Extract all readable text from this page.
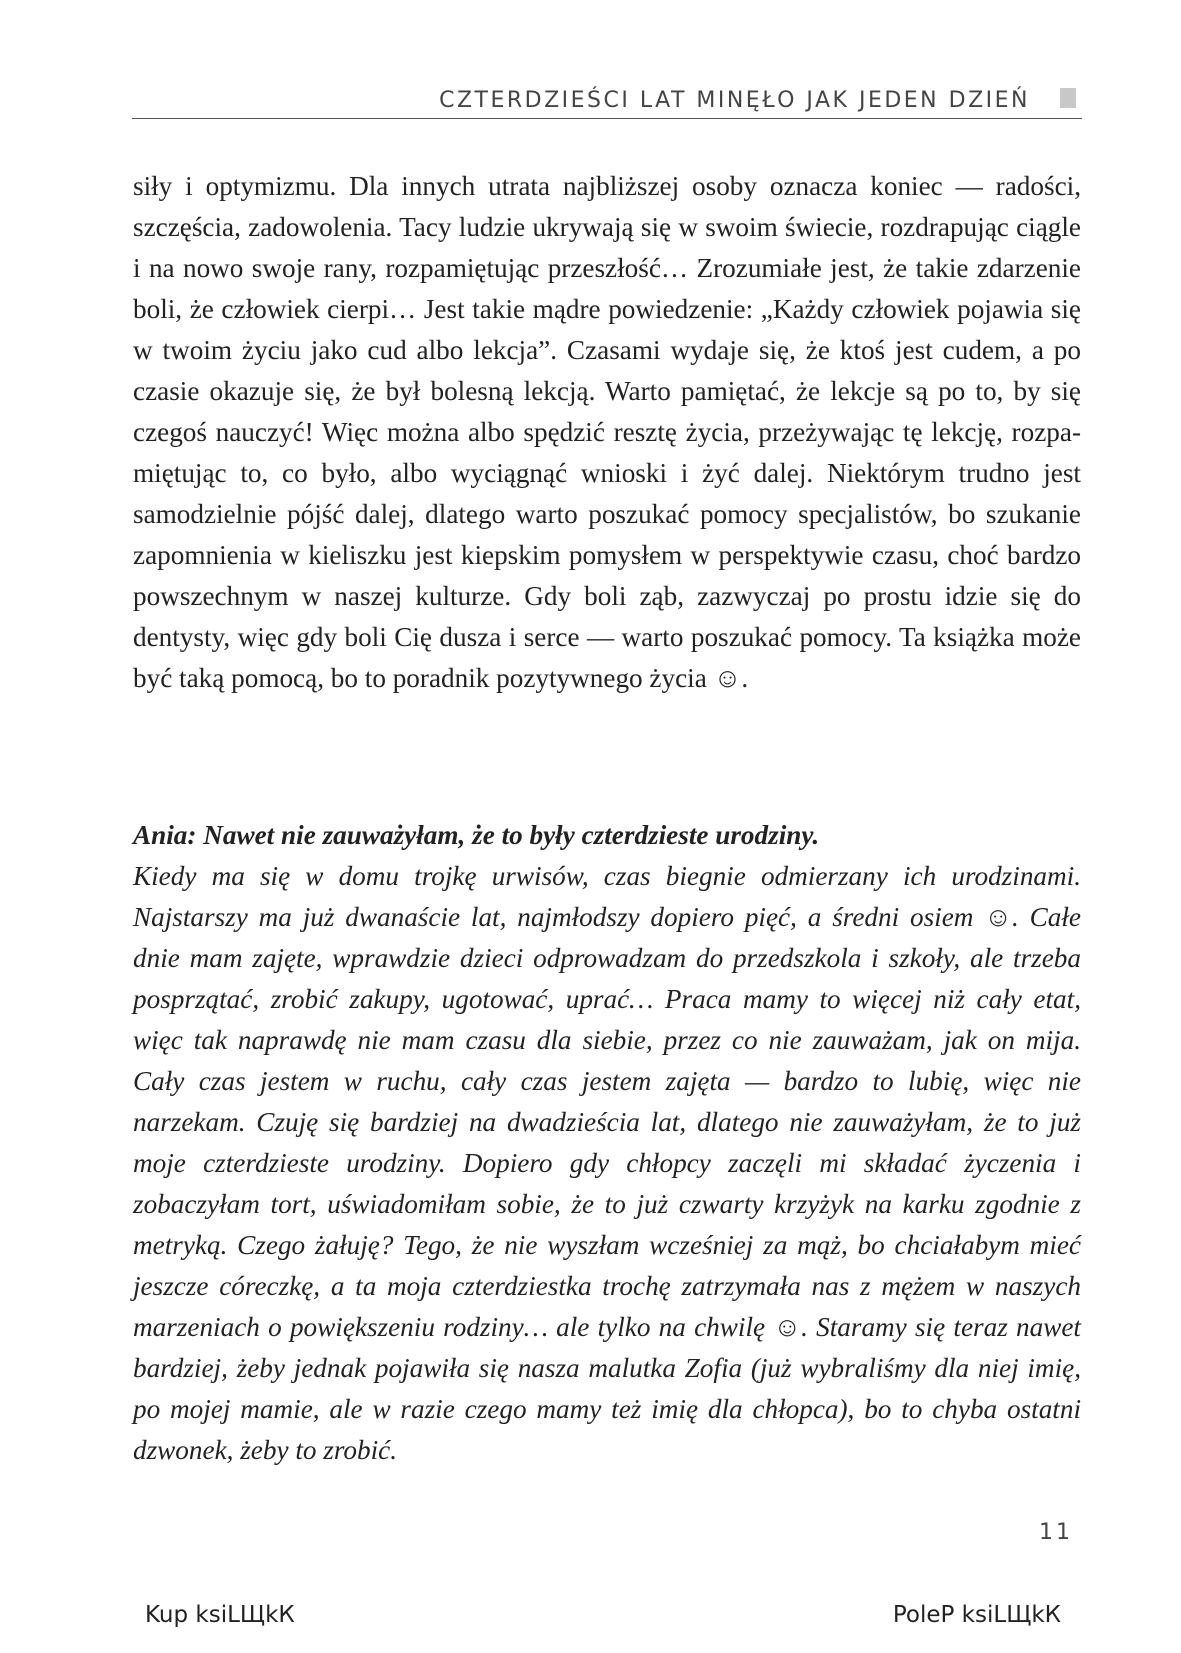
CZTERDZIEŚCI LAT MINĘŁO JAK JEDEN DZIEŃ

siły i optymizmu. Dla innych utrata najbliższej osoby oznacza koniec — radości, szczęścia, zadowolenia. Tacy ludzie ukrywają się w swoim świecie, rozdrapując ciągle i na nowo swoje rany, rozpamiętując przeszłość… Zrozumiałe jest, że takie zdarzenie boli, że człowiek cierpi… Jest takie mądre powiedzenie: „Każdy człowiek pojawia się w twoim życiu jako cud albo lekcja”. Czasami wydaje się, że ktoś jest cudem, a po czasie okazuje się, że był bolesną lekcją. Warto pamiętać, że lekcje są po to, by się czegoś nauczyć! Więc można albo spędzić resztę życia, przeżywając tę lekcję, rozpamiętując to, co było, albo wyciągnąć wnioski i żyć dalej. Niektórym trudno jest samodzielnie pójść dalej, dlatego warto poszukać pomocy specjalistów, bo szukanie zapomnienia w kieliszku jest kiepskim pomysłem w perspektywie czasu, choć bardzo powszechnym w naszej kulturze. Gdy boli ząb, zazwyczaj po prostu idzie się do dentysty, więc gdy boli Cię dusza i serce — warto poszukać pomocy. Ta książka może być taką pomocą, bo to poradnik pozytywnego życia ☺.

Ania: Nawet nie zauważyłam, że to były czterdzieste urodziny.
Kiedy ma się w domu trojkę urwisów, czas biegnie odmierzany ich urodzinami. Najstarszy ma już dwanaście lat, najmłodszy dopiero pięć, a średni osiem ☺. Całe dnie mam zajęte, wprawdzie dzieci odprowadzam do przedszkola i szkoły, ale trzeba posprzątać, zrobić zakupy, ugotować, uprać… Praca mamy to więcej niż cały etat, więc tak naprawdę nie mam czasu dla siebie, przez co nie zauważam, jak on mija. Cały czas jestem w ruchu, cały czas jestem zajęta — bardzo to lubię, więc nie narzekam. Czuję się bardziej na dwadzieścia lat, dlatego nie zauważyłam, że to już moje czterdzieste urodziny. Dopiero gdy chłopcy zaczęli mi składać życzenia i zobaczyłam tort, uświadomiłam sobie, że to już czwarty krzyżyk na karku zgodnie z metryką. Czego żałuję? Tego, że nie wyszłam wcześniej za mąż, bo chciałabym mieć jeszcze córeczkę, a ta moja czterdziestka trochę zatrzymała nas z mężem w naszych marzeniach o powiększeniu rodziny… ale tylko na chwilę ☺. Staramy się teraz nawet bardziej, żeby jednak pojawiła się nasza malutka Zofia (już wybraliśmy dla niej imię, po mojej mamie, ale w razie czego mamy też imię dla chłopca), bo to chyba ostatni dzwonek, żeby to zrobić.
11
Kup ksiLЩkК	PoleР ksiLЩkК
